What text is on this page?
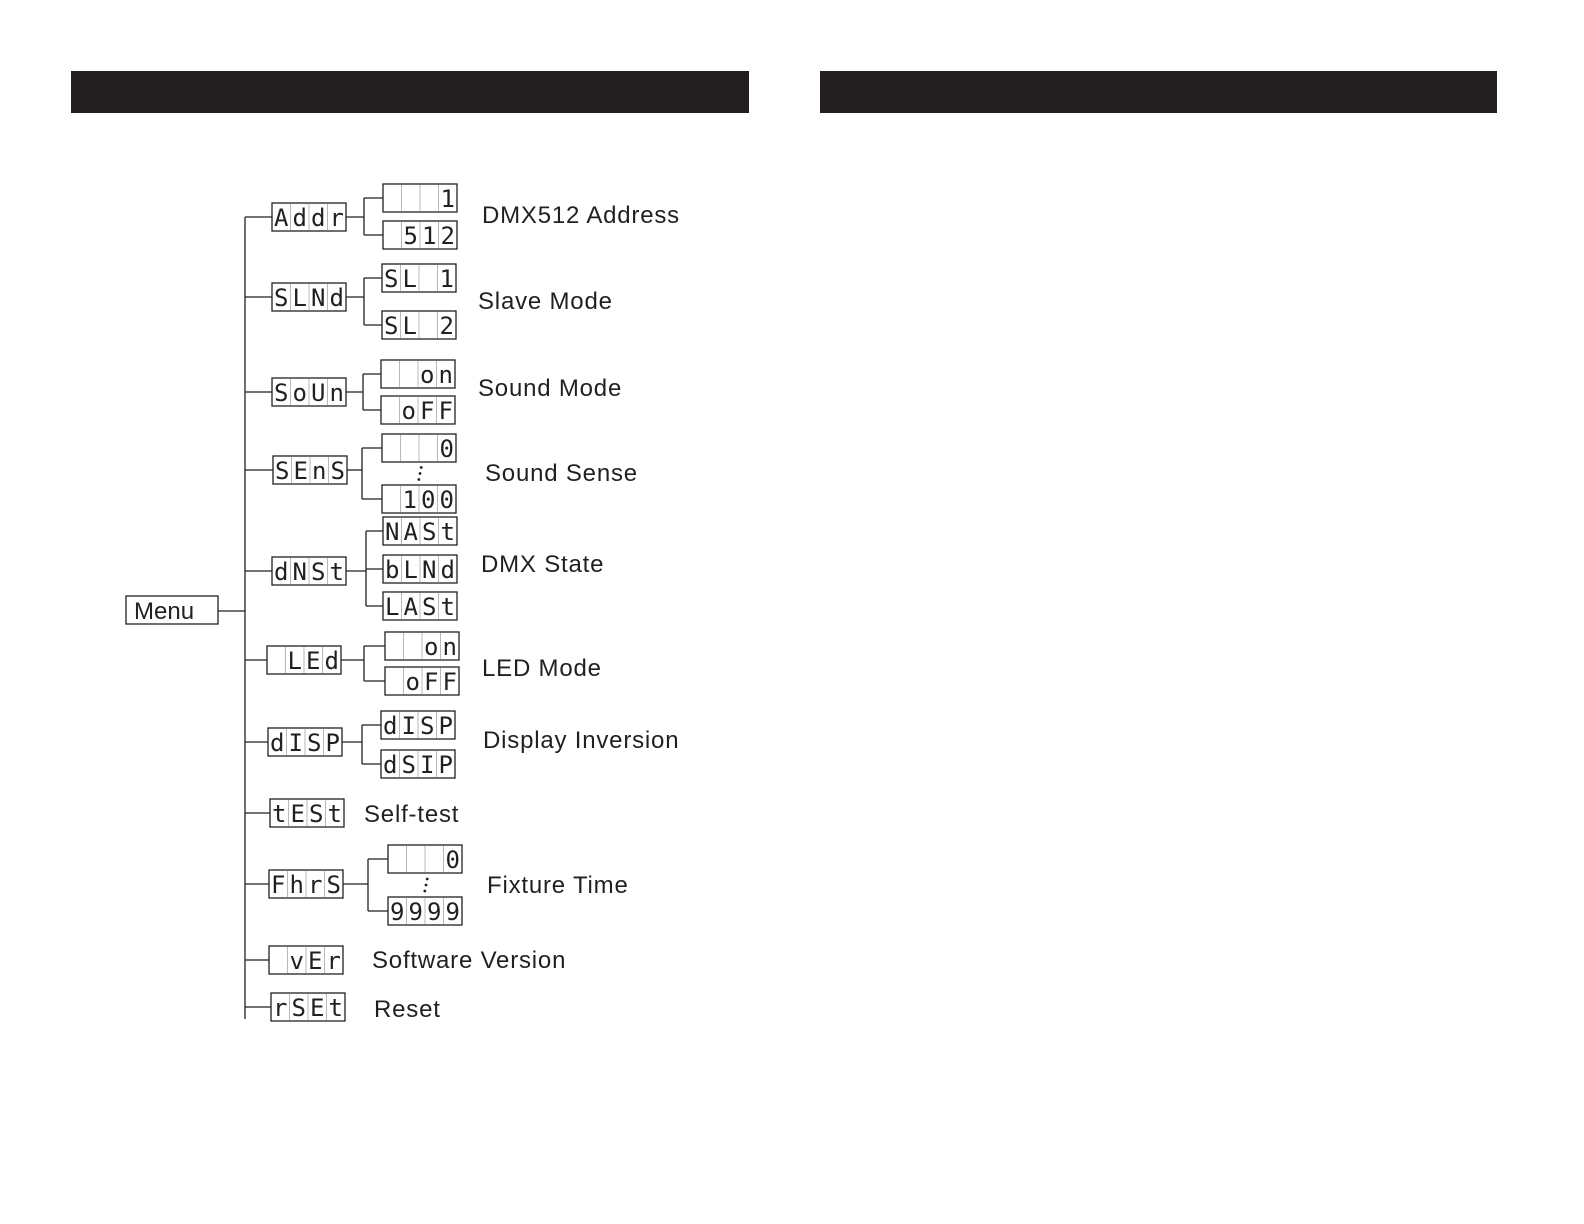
Menu
A d d r
1
5 1 2
DMX512 Address
S L N d
S L 1
S L 2
Slave Mode
S o U n
o n
o F F
Sound Mode
S E n S
0
1 0 0
Sound Sense
d N S t
N A S t
b L N d
L A S t
DMX State
L E d	o n
o F F LED Mode
d I S P
d I S P
d S I P
Display Inversion
t E S t Self-test
F h r S
0
9 9 9 9
Fixture Time
v E r Software Version
r S E t Reset
